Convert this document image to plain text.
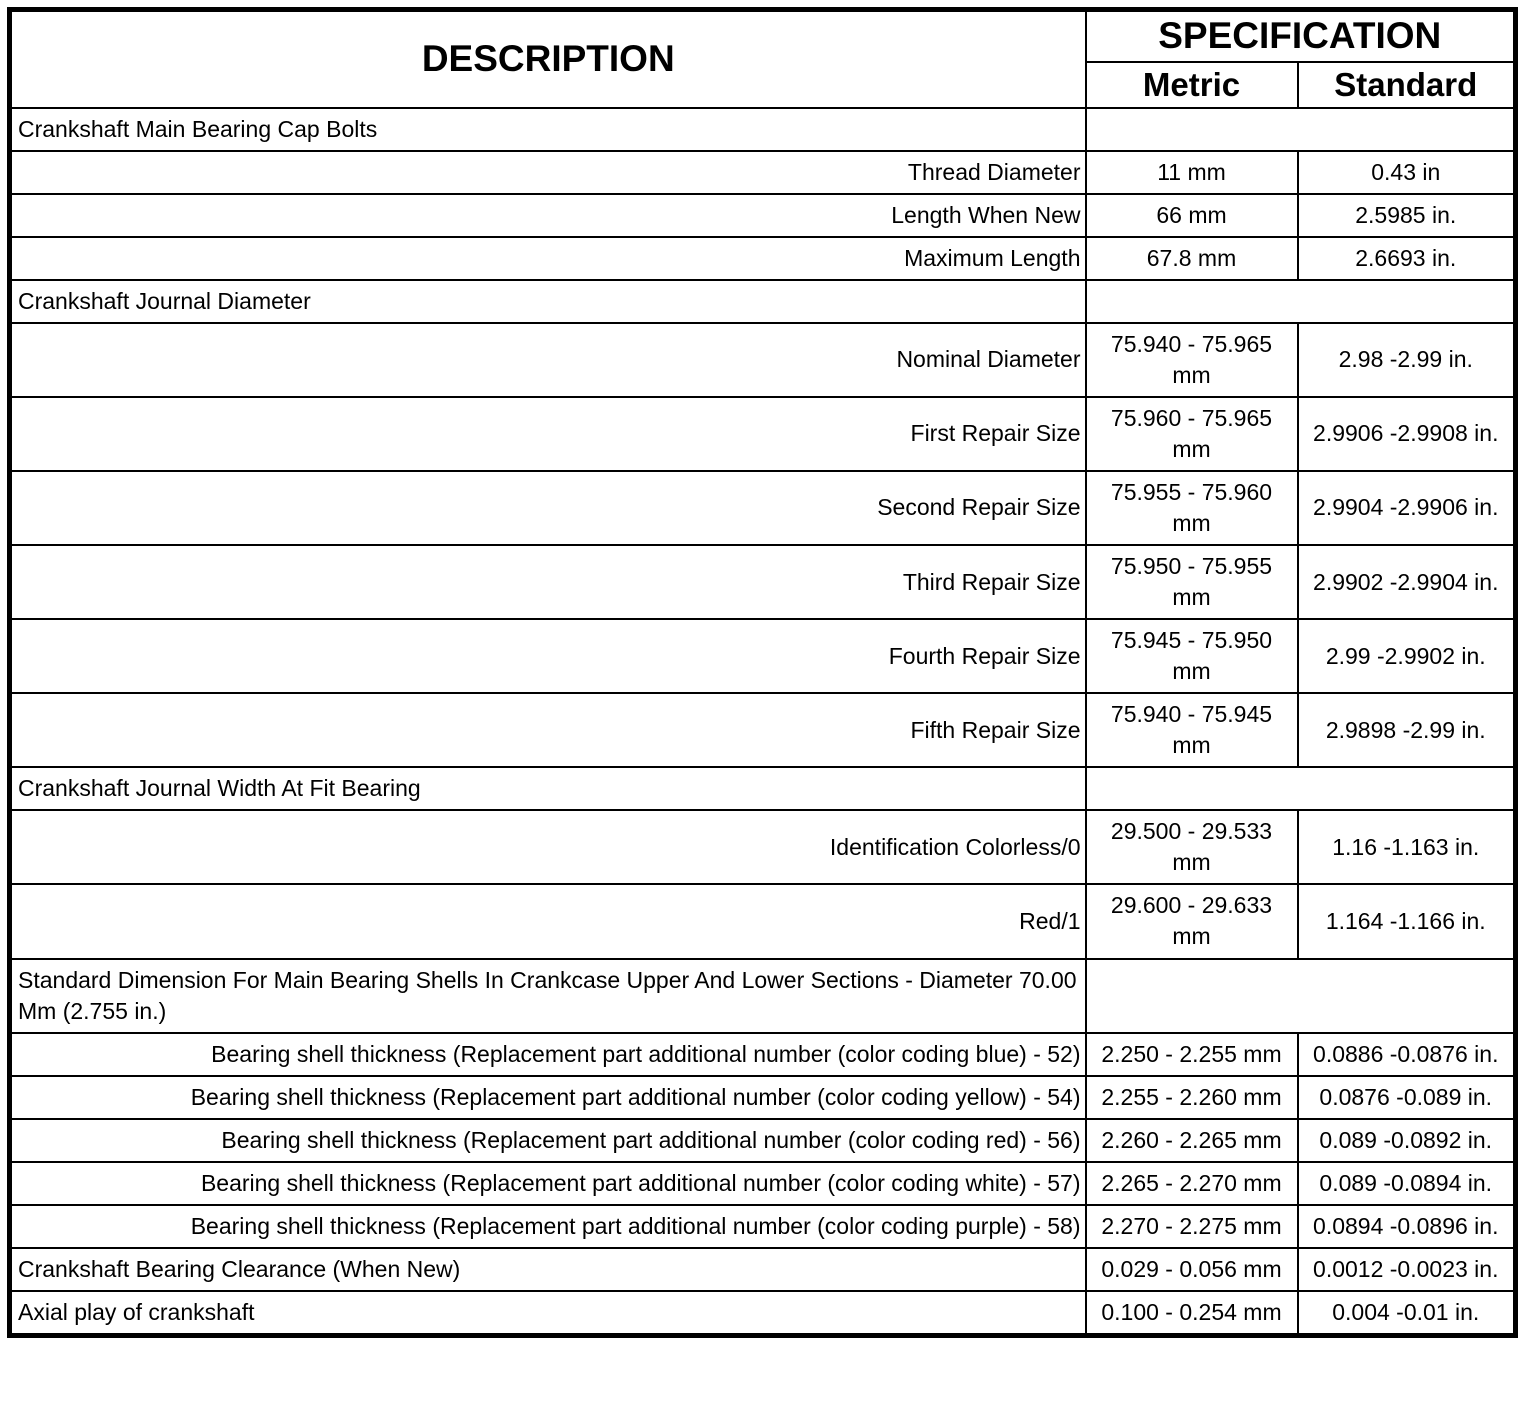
DESCRIPTION	SPECIFICATION	
	Metric	Standard
Crankshaft Main Bearing Cap Bolts		
Thread Diameter	11 mm	0.43 in
Length When New	66 mm	2.5985 in.
Maximum Length	67.8 mm	2.6693 in.
Crankshaft Journal Diameter		
Nominal Diameter	75.940 - 75.965 mm	2.98 -2.99 in.
First Repair Size	75.960 - 75.965 mm	2.9906 -2.9908 in.
Second Repair Size	75.955 - 75.960 mm	2.9904 -2.9906 in.
Third Repair Size	75.950 - 75.955 mm	2.9902 -2.9904 in.
Fourth Repair Size	75.945 - 75.950 mm	2.99 -2.9902 in.
Fifth Repair Size	75.940 - 75.945 mm	2.9898 -2.99 in.
Crankshaft Journal Width At Fit Bearing		
Identification Colorless/0	29.500 - 29.533 mm	1.16 -1.163 in.
Red/1	29.600 - 29.633 mm	1.164 -1.166 in.
Standard Dimension For Main Bearing Shells In Crankcase Upper And Lower Sections - Diameter 70.00 Mm (2.755 in.)		
Bearing shell thickness (Replacement part additional number (color coding blue) - 52)	2.250 - 2.255 mm	0.0886 -0.0876 in.
Bearing shell thickness (Replacement part additional number (color coding yellow) - 54)	2.255 - 2.260 mm	0.0876 -0.089 in.
Bearing shell thickness (Replacement part additional number (color coding red) - 56)	2.260 - 2.265 mm	0.089 -0.0892 in.
Bearing shell thickness (Replacement part additional number (color coding white) - 57)	2.265 - 2.270 mm	0.089 -0.0894 in.
Bearing shell thickness (Replacement part additional number (color coding purple) - 58)	2.270 - 2.275 mm	0.0894 -0.0896 in.
Crankshaft Bearing Clearance (When New)	0.029 - 0.056 mm	0.0012 -0.0023 in.
Axial play of crankshaft	0.100 - 0.254 mm	0.004 -0.01 in.
